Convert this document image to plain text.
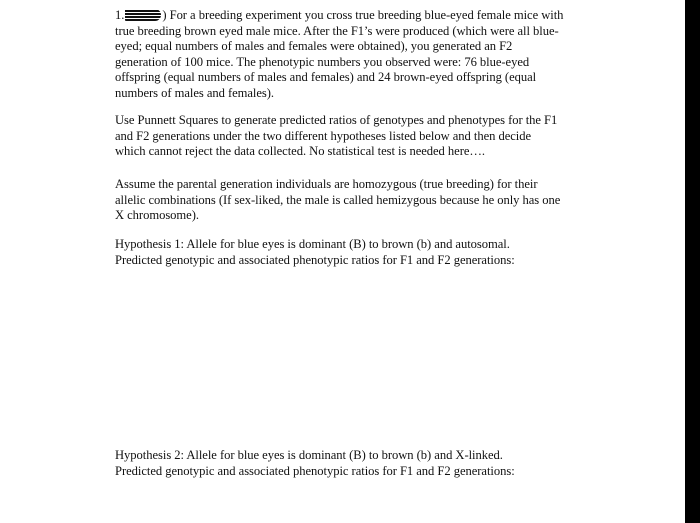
1.	) For a breeding experiment you cross true breeding blue-eyed female mice with
true breeding brown eyed male mice. After the F1’s were produced (which were all blue-
eyed; equal numbers of males and females were obtained), you generated an F2
generation of 100 mice. The phenotypic numbers you observed were: 76 blue-eyed
offspring (equal numbers of males and females) and 24 brown-eyed offspring (equal
numbers of males and females).

Use Punnett Squares to generate predicted ratios of genotypes and phenotypes for the F1
and F2 generations under the two different hypotheses listed below and then decide
which cannot reject the data collected. No statistical test is needed here….

Assume the parental generation individuals are homozygous (true breeding) for their
allelic combinations (If sex-liked, the male is called hemizygous because he only has one
X chromosome).

Hypothesis 1: Allele for blue eyes is dominant (B) to brown (b) and autosomal.
Predicted genotypic and associated phenotypic ratios for F1 and F2 generations:

Hypothesis 2: Allele for blue eyes is dominant (B) to brown (b) and X-linked.
Predicted genotypic and associated phenotypic ratios for F1 and F2 generations:
